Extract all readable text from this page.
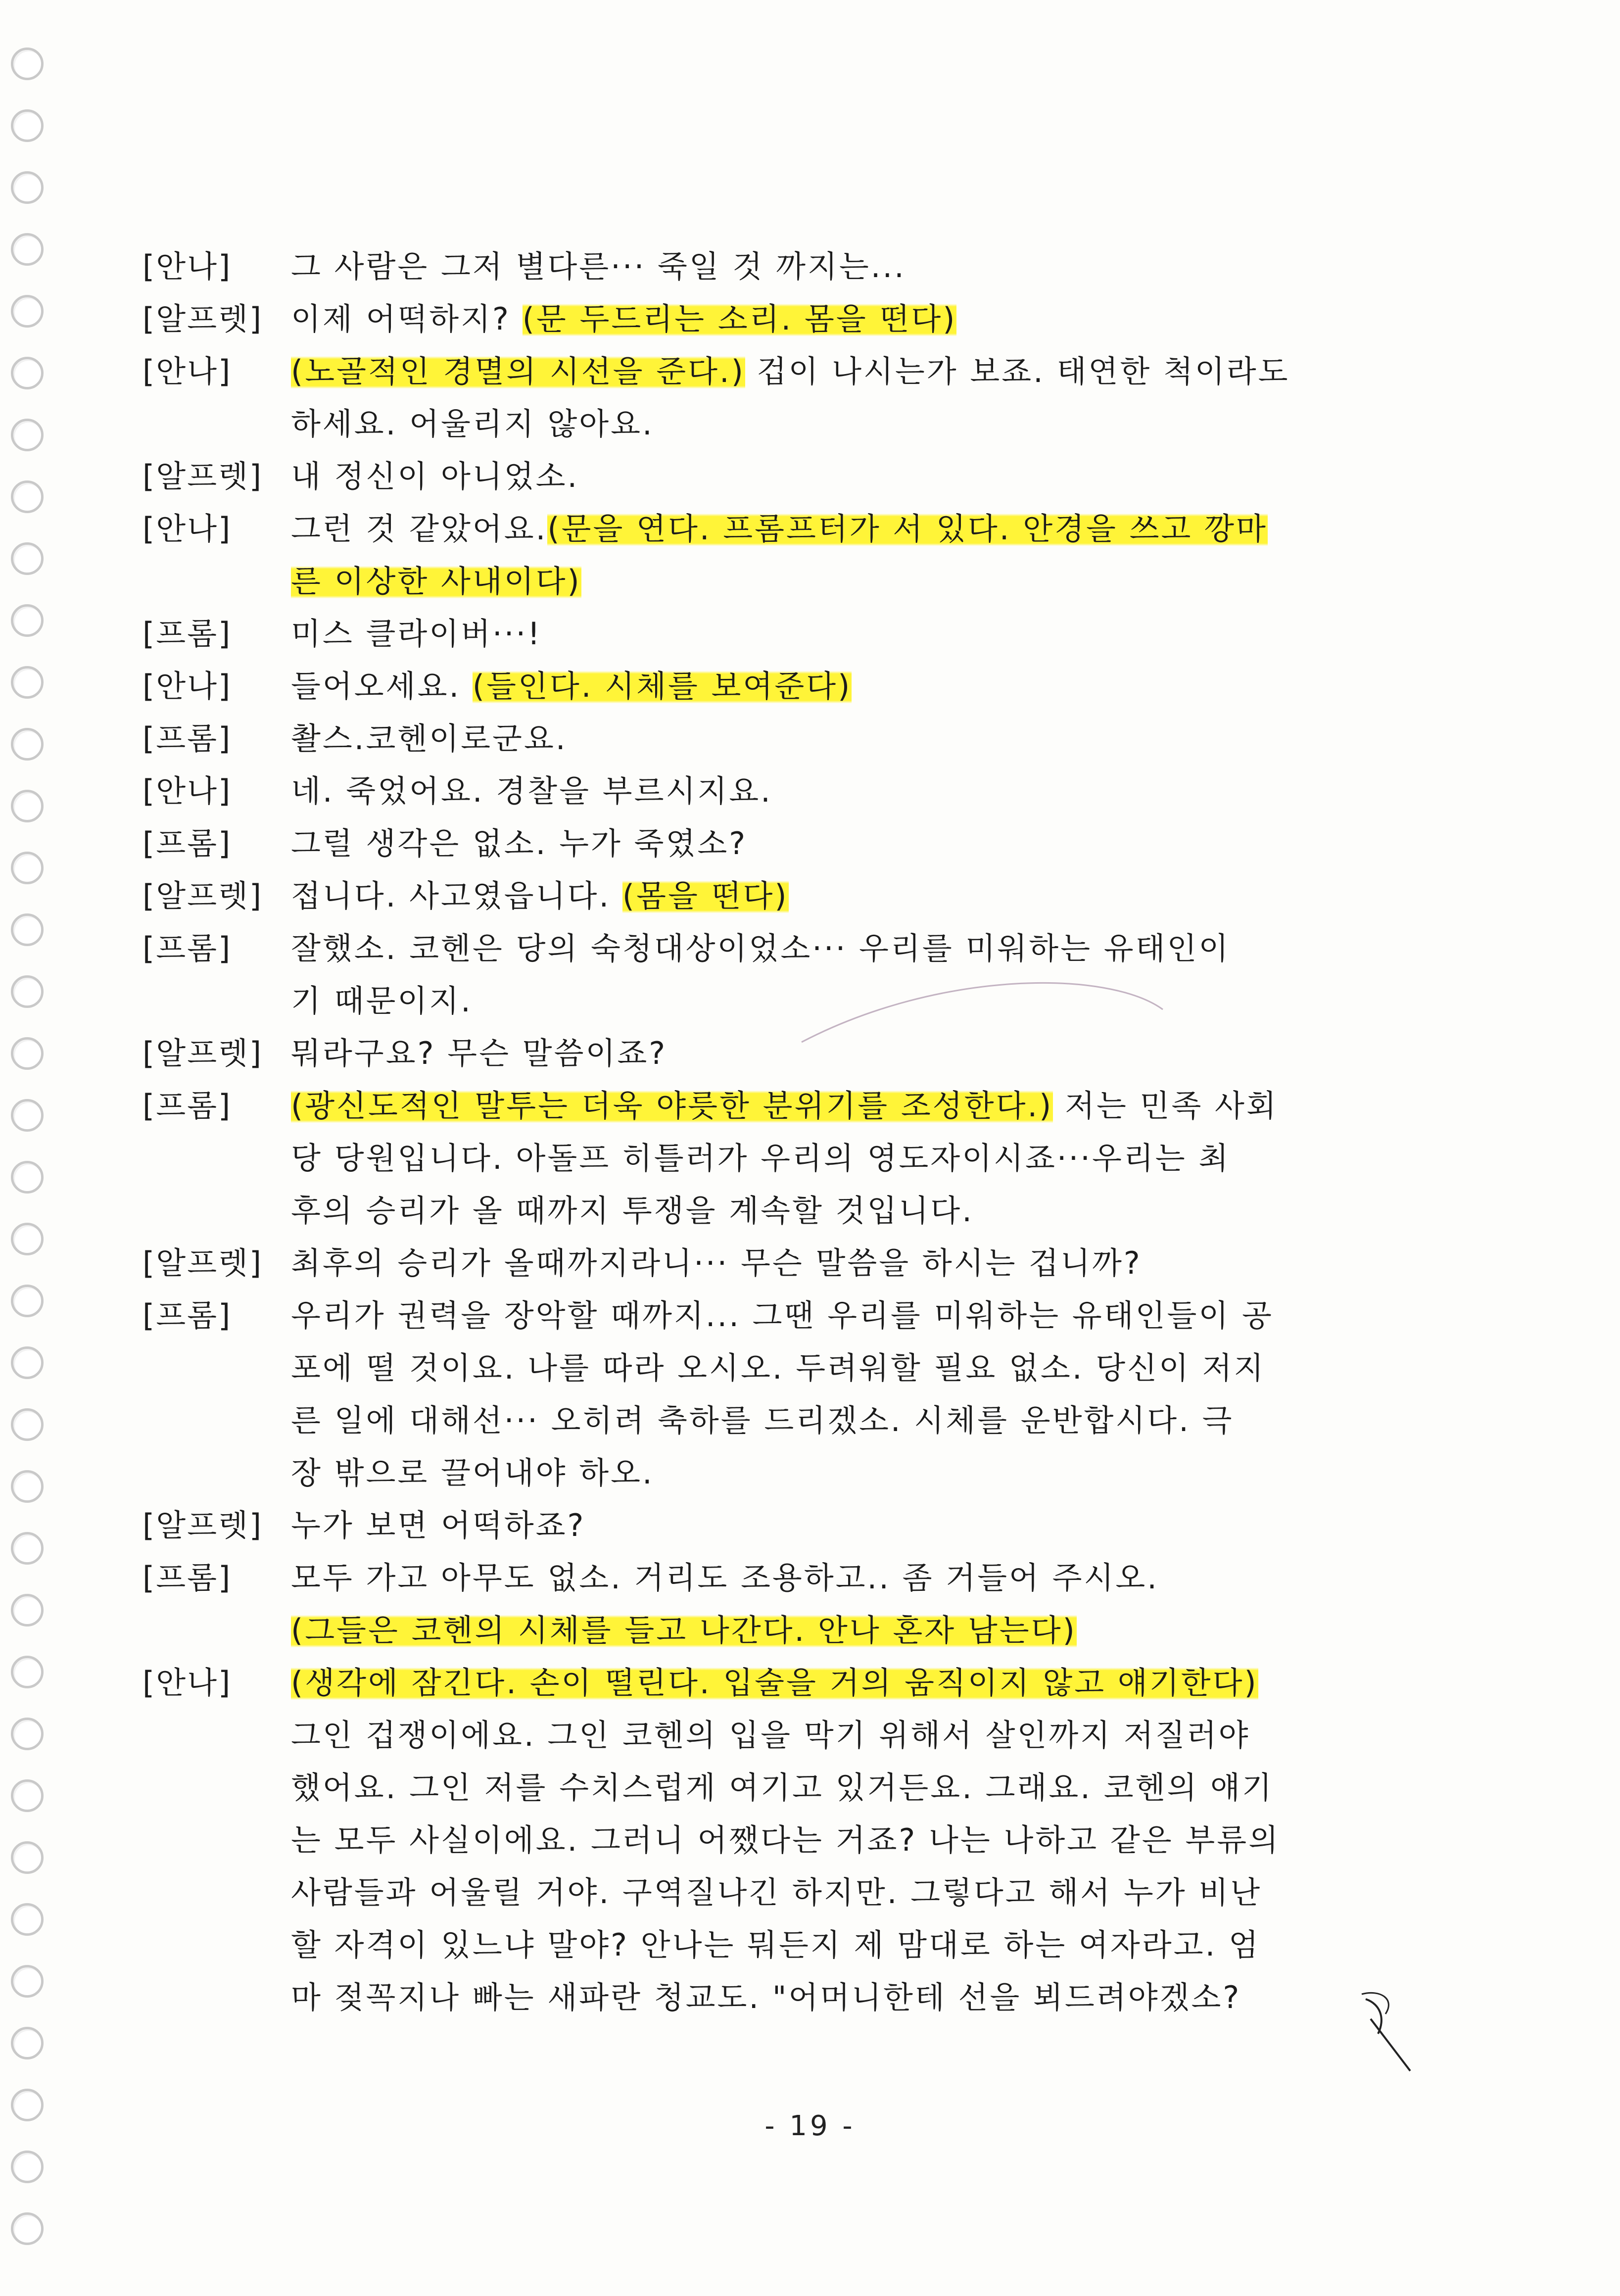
[안나]	그 사람은 그저 별다른··· 죽일 것 까지는...
[알프렛] 이제 어떡하지? (문 두드리는 소리. 몸을 떤다)
[안나]	(노골적인 경멸의 시선을 준다.) 겁이 나시는가 보죠. 태연한 척이라도
하세요. 어울리지 않아요.
[알프렛] 내 정신이 아니었소.
[안나]	그런 것 같았어요.(문을 연다. 프롬프터가 서 있다. 안경을 쓰고 깡마
른 이상한 사내이다)
[프롬]	미스 클라이버···!
[안나]	들어오세요. (들인다. 시체를 보여준다)
[프롬]	촬스.코헨이로군요.
[안나]	네. 죽었어요. 경찰을 부르시지요.
[프롬]	그럴 생각은 없소. 누가 죽였소?
[알프렛] 접니다. 사고였읍니다. (몸을 떤다)
[프롬]	잘했소. 코헨은 당의 숙청대상이었소··· 우리를 미워하는 유태인이
기 때문이지.
[알프렛] 뭐라구요? 무슨 말씀이죠?
[프롬]	(광신도적인 말투는 더욱 야릇한 분위기를 조성한다.) 저는 민족 사회
당 당원입니다. 아돌프 히틀러가 우리의 영도자이시죠···우리는 최
후의 승리가 올 때까지 투쟁을 계속할 것입니다.
[알프렛] 최후의 승리가 올때까지라니··· 무슨 말씀을 하시는 겁니까?
[프롬]	우리가 권력을 장악할 때까지... 그땐 우리를 미워하는 유태인들이 공
포에 떨 것이요. 나를 따라 오시오. 두려워할 필요 없소. 당신이 저지
른 일에 대해선··· 오히려 축하를 드리겠소. 시체를 운반합시다. 극
장 밖으로 끌어내야 하오.
[알프렛] 누가 보면 어떡하죠?
[프롬]	모두 가고 아무도 없소. 거리도 조용하고.. 좀 거들어 주시오.
(그들은 코헨의 시체를 들고 나간다. 안나 혼자 남는다)
[안나]	(생각에 잠긴다. 손이 떨린다. 입술을 거의 움직이지 않고 얘기한다)
그인 겁쟁이에요. 그인 코헨의 입을 막기 위해서 살인까지 저질러야
했어요. 그인 저를 수치스럽게 여기고 있거든요. 그래요. 코헨의 얘기
는 모두 사실이에요. 그러니 어쨌다는 거죠? 나는 나하고 같은 부류의
사람들과 어울릴 거야. 구역질나긴 하지만. 그렇다고 해서 누가 비난
할 자격이 있느냐 말야? 안나는 뭐든지 제 맘대로 하는 여자라고. 엄
마 젖꼭지나 빠는 새파란 청교도. "어머니한테 선을 뵈드려야겠소?
- 19 -
